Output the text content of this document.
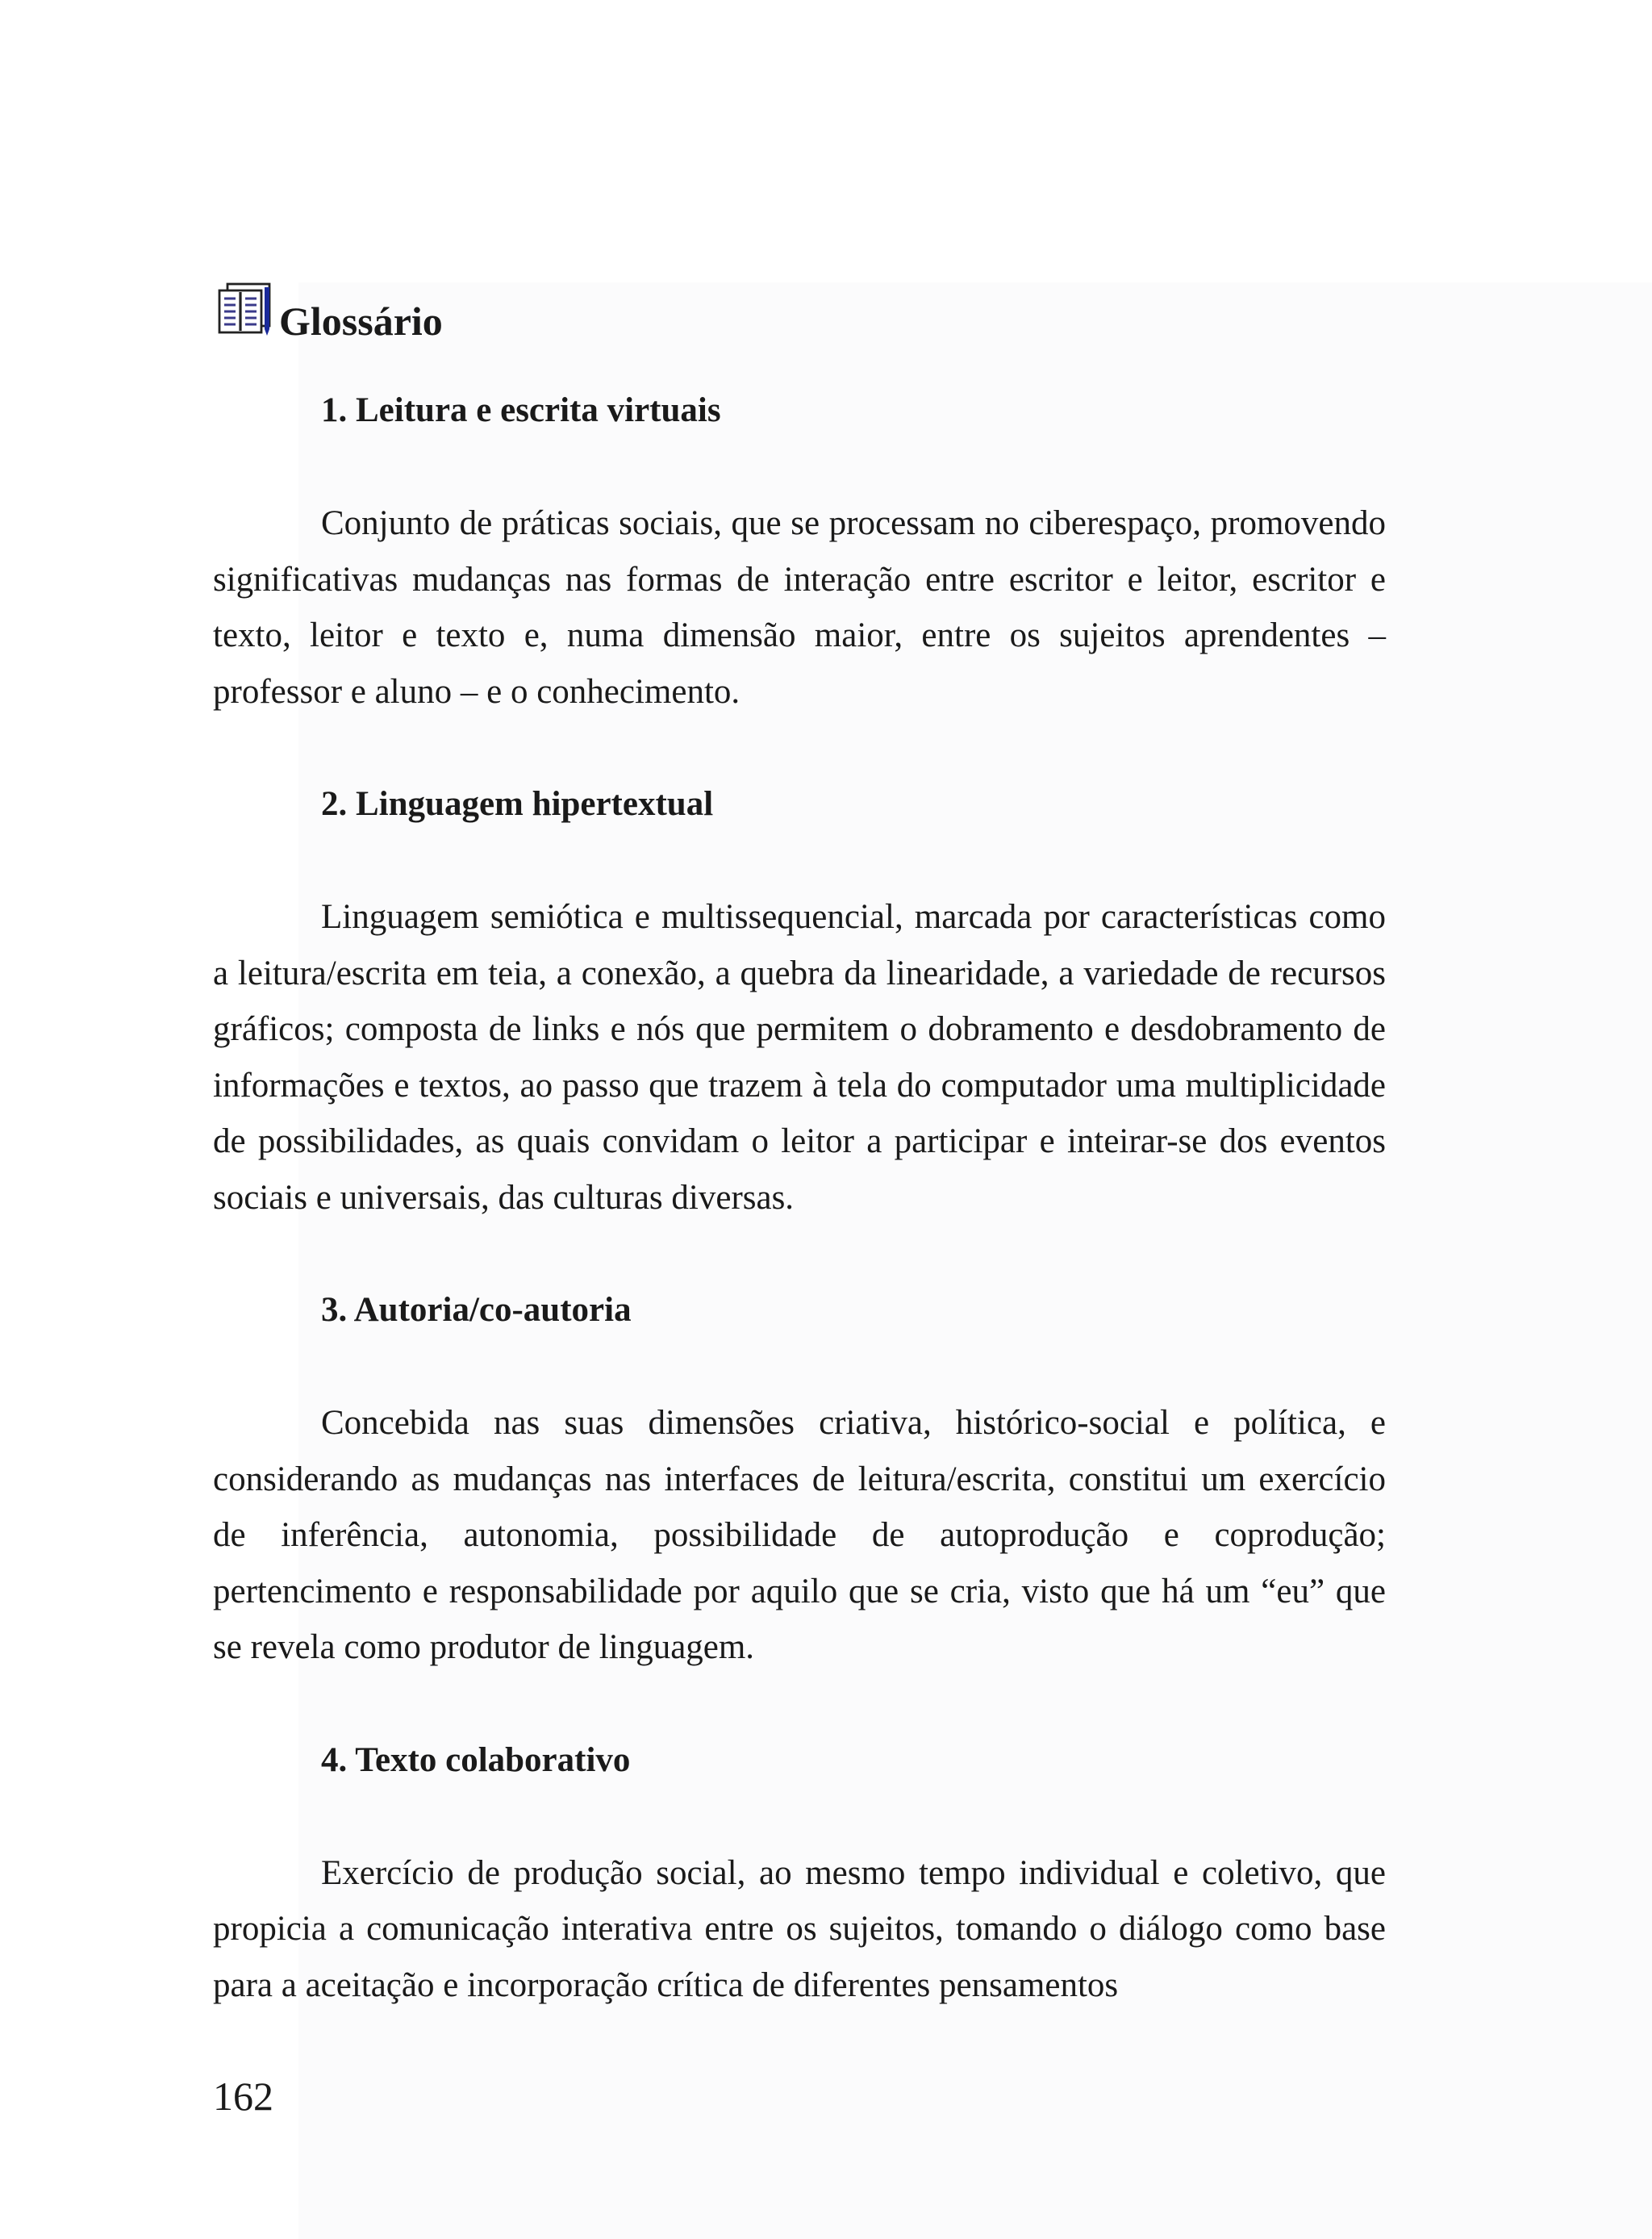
Glossário
1. Leitura e escrita virtuais

Conjunto de práticas sociais, que se processam no ciberespaço, promovendo significativas mudanças nas formas de interação entre escritor e leitor, escritor e texto, leitor e texto e, numa dimensão maior, entre os sujeitos aprendentes – professor e aluno – e o conhecimento.

2. Linguagem hipertextual

Linguagem semiótica e multissequencial, marcada por características como a leitura/escrita em teia, a conexão, a quebra da linearidade, a variedade de recursos gráficos; composta de links e nós que permitem o dobramento e desdobramento de informações e textos, ao passo que trazem à tela do computador uma multiplicidade de possibilidades, as quais convidam o leitor a participar e inteirar-se dos eventos sociais e universais, das culturas diversas.

3. Autoria/co-autoria

Concebida nas suas dimensões criativa, histórico-social e política, e considerando as mudanças nas interfaces de leitura/escrita, constitui um exercício de inferência, autonomia, possibilidade de autoprodução e coprodução; pertencimento e responsabilidade por aquilo que se cria, visto que há um “eu” que se revela como produtor de linguagem.

4. Texto colaborativo

Exercício de produção social, ao mesmo tempo individual e coletivo, que propicia a comunicação interativa entre os sujeitos, tomando o diálogo como base para a aceitação e incorporação crítica de diferentes pensamentos

162
